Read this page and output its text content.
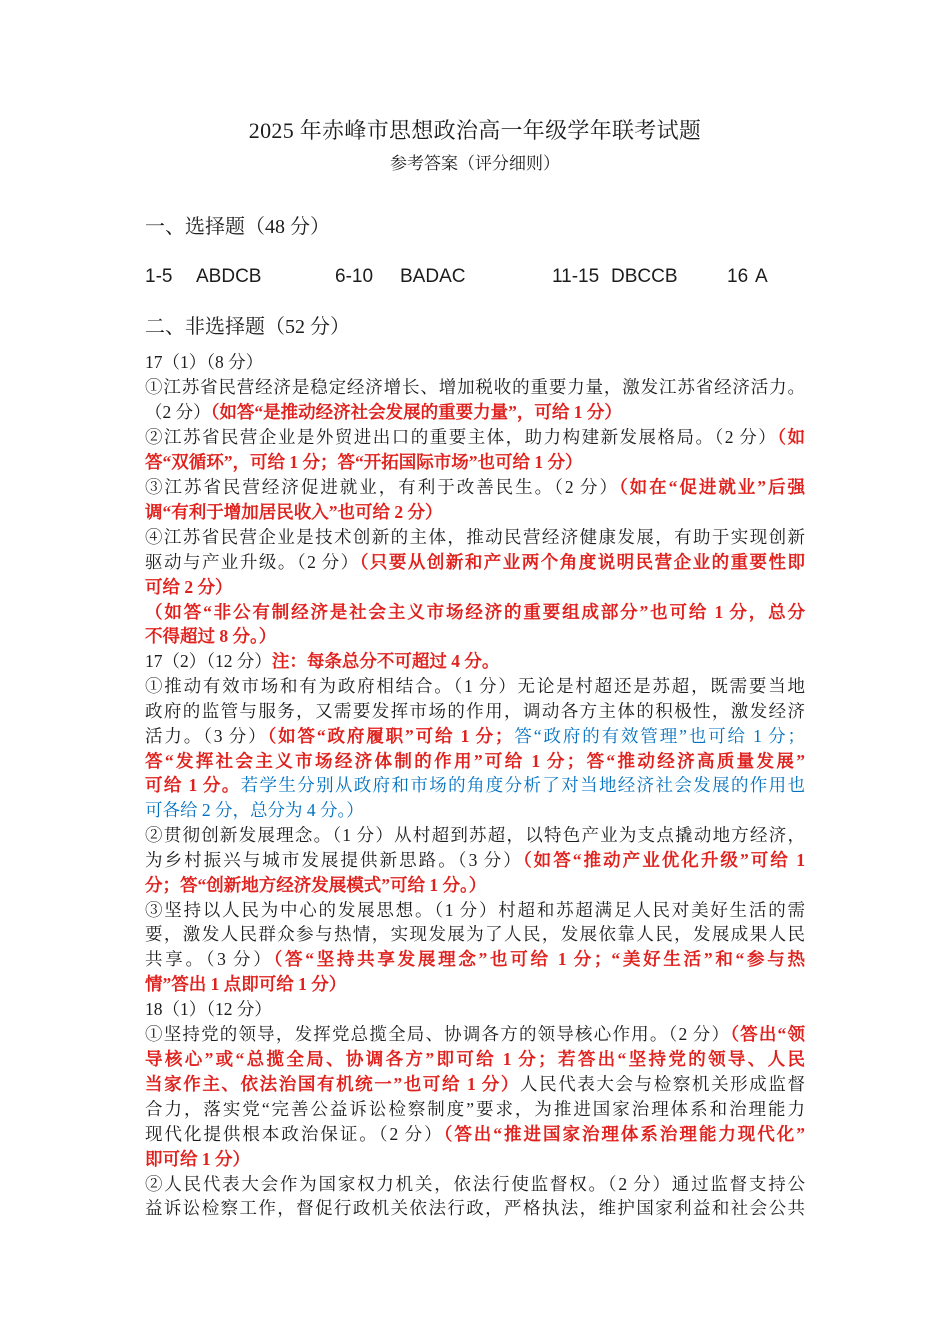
2025 年赤峰市思想政治高一年级学年联考试题
参考答案（评分细则）
一、选择题（48 分）
1-5 ABDCB	6-10 BADAC	11-15 DBCCB	16 A
二、非选择题（52 分）
17（1）（8 分）
①江苏省民营经济是稳定经济增长、增加税收的重要力量，激发江苏省经济活力。
（2 分）（如答“是推动经济社会发展的重要力量”，可给 1 分）
②江苏省民营企业是外贸进出口的重要主体，助力构建新发展格局。（2 分）（如
答“双循环”，可给 1 分；答“开拓国际市场”也可给 1 分）
③江苏省民营经济促进就业，有利于改善民生。（2 分）（如在“促进就业”后强
调“有利于增加居民收入”也可给 2 分）
④江苏省民营企业是技术创新的主体，推动民营经济健康发展，有助于实现创新
驱动与产业升级。（2 分）（只要从创新和产业两个角度说明民营企业的重要性即
可给 2 分）
（如答“非公有制经济是社会主义市场经济的重要组成部分”也可给 1 分，总分
不得超过 8 分。）
17（2）（12 分）注：每条总分不可超过 4 分。
①推动有效市场和有为政府相结合。（1 分）无论是村超还是苏超，既需要当地
政府的监管与服务，又需要发挥市场的作用，调动各方主体的积极性，激发经济
活力。（3 分）（如答“政府履职”可给 1 分；答“政府的有效管理”也可给 1 分；
答“发挥社会主义市场经济体制的作用”可给 1 分；答“推动经济高质量发展”
可给 1 分。若学生分别从政府和市场的角度分析了对当地经济社会发展的作用也
可各给 2 分，总分为 4 分。）
②贯彻创新发展理念。（1 分）从村超到苏超，以特色产业为支点撬动地方经济，
为乡村振兴与城市发展提供新思路。（3 分）（如答“推动产业优化升级”可给 1
分；答“创新地方经济发展模式”可给 1 分。）
③坚持以人民为中心的发展思想。（1 分）村超和苏超满足人民对美好生活的需
要，激发人民群众参与热情，实现发展为了人民，发展依靠人民，发展成果人民
共享。（3 分）（答“坚持共享发展理念”也可给 1 分；“美好生活”和“参与热
情”答出 1 点即可给 1 分）
18（1）（12 分）
①坚持党的领导，发挥党总揽全局、协调各方的领导核心作用。（2 分）（答出“领
导核心”或“总揽全局、协调各方”即可给 1 分；若答出“坚持党的领导、人民
当家作主、依法治国有机统一”也可给 1 分）人民代表大会与检察机关形成监督
合力，落实党“完善公益诉讼检察制度”要求，为推进国家治理体系和治理能力
现代化提供根本政治保证。（2 分）（答出“推进国家治理体系治理能力现代化”
即可给 1 分）
②人民代表大会作为国家权力机关，依法行使监督权。（2 分）通过监督支持公
益诉讼检察工作，督促行政机关依法行政，严格执法，维护国家利益和社会公共
